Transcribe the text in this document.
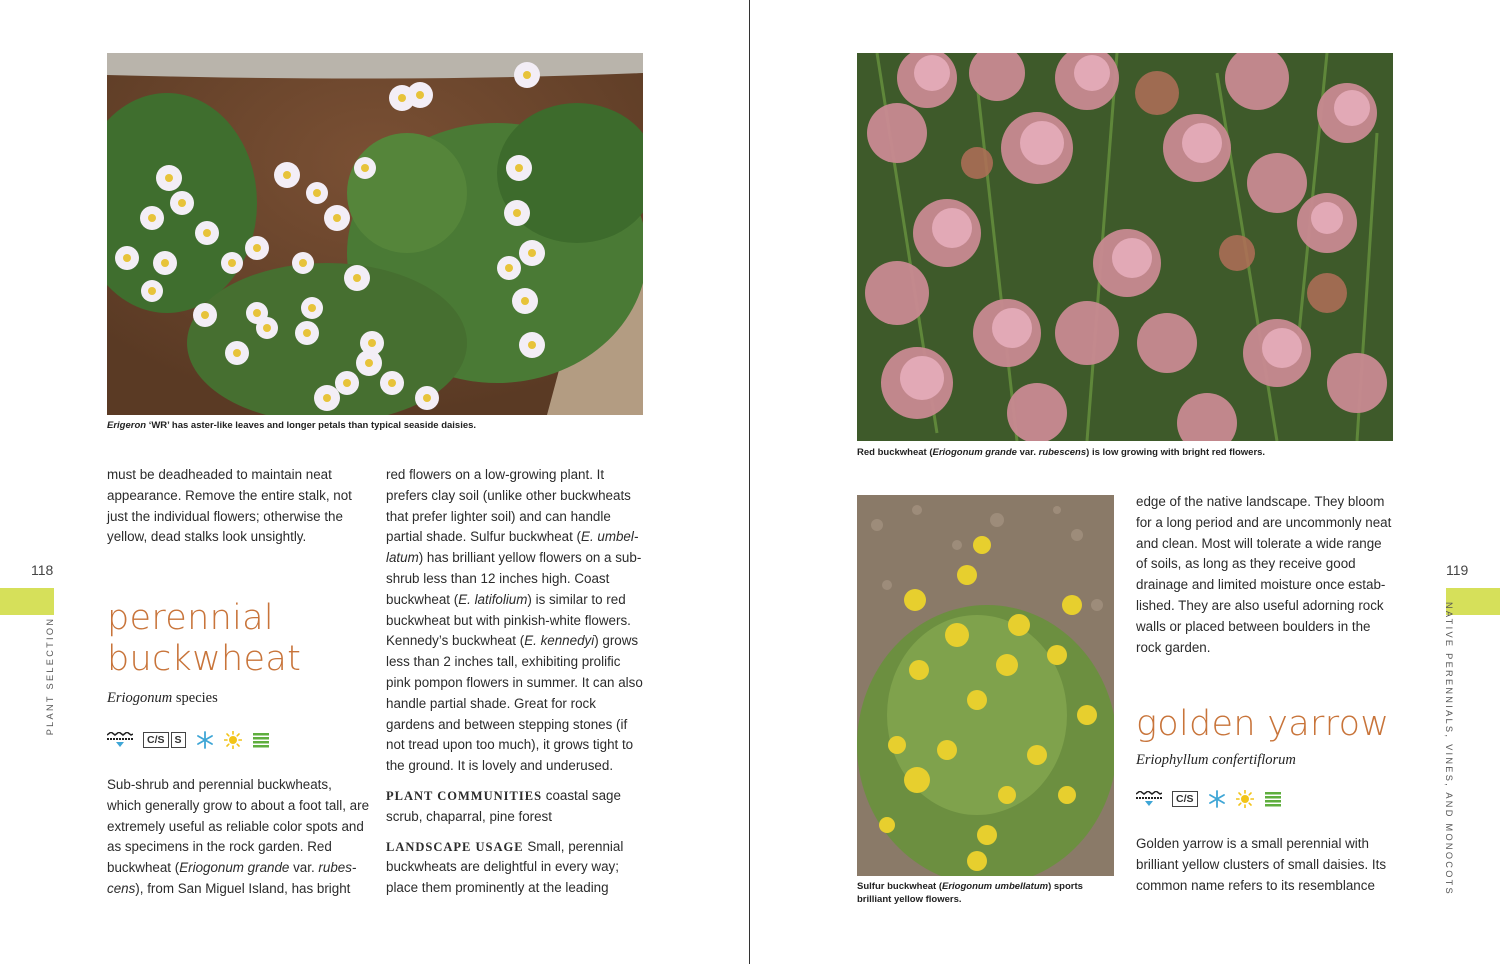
Erigeron ‘WR’ has aster-like leaves and longer petals than typical seaside daisies.

must be deadheaded to maintain neat appearance. Remove the entire stalk, not just the individual flowers; otherwise the yellow, dead stalks look unsightly.

118
PLANT SELECTION perennial
buckwheat
Eriogonum species
C/S S

Sub-shrub and perennial buckwheats, which generally grow to about a foot tall, are extremely useful as reliable color spots and as specimens in the rock garden. Red buckwheat (Eriogonum grande var. rubes-cens), from San Miguel Island, has bright

red flowers on a low-growing plant. It prefers clay soil (unlike other buckwheats that prefer lighter soil) and can handle partial shade. Sulfur buckwheat (E. umbel-latum) has brilliant yellow flowers on a sub-shrub less than 12 inches high. Coast buckwheat (E. latifolium) is similar to red buckwheat but with pinkish-white flowers. Kennedy’s buckwheat (E. kennedyi) grows less than 2 inches tall, exhibiting prolific pink pompon flowers in summer. It can also handle partial shade. Great for rock gardens and between stepping stones (if not tread upon too much), it grows tight to the ground. It is lovely and underused.

PLANT COMMUNITIES coastal sage scrub, chaparral, pine forest

LANDSCAPE USAGE Small, perennial buckwheats are delightful in every way; place them prominently at the leading

Red buckwheat (Eriogonum grande var. rubescens) is low growing with bright red flowers.
Sulfur buckwheat (Eriogonum umbellatum) sports brilliant yellow flowers.

edge of the native landscape. They bloom for a long period and are uncommonly neat and clean. Most will tolerate a wide range of soils, as long as they receive good drainage and limited moisture once estab-lished. They are also useful adorning rock walls or placed between boulders in the rock garden.

119
NATIVE PERENNIALS, VINES, AND MONOCOTS
golden yarrow
Eriophyllum confertiflorum
C/S

Golden yarrow is a small perennial with brilliant yellow clusters of small daisies. Its common name refers to its resemblance
